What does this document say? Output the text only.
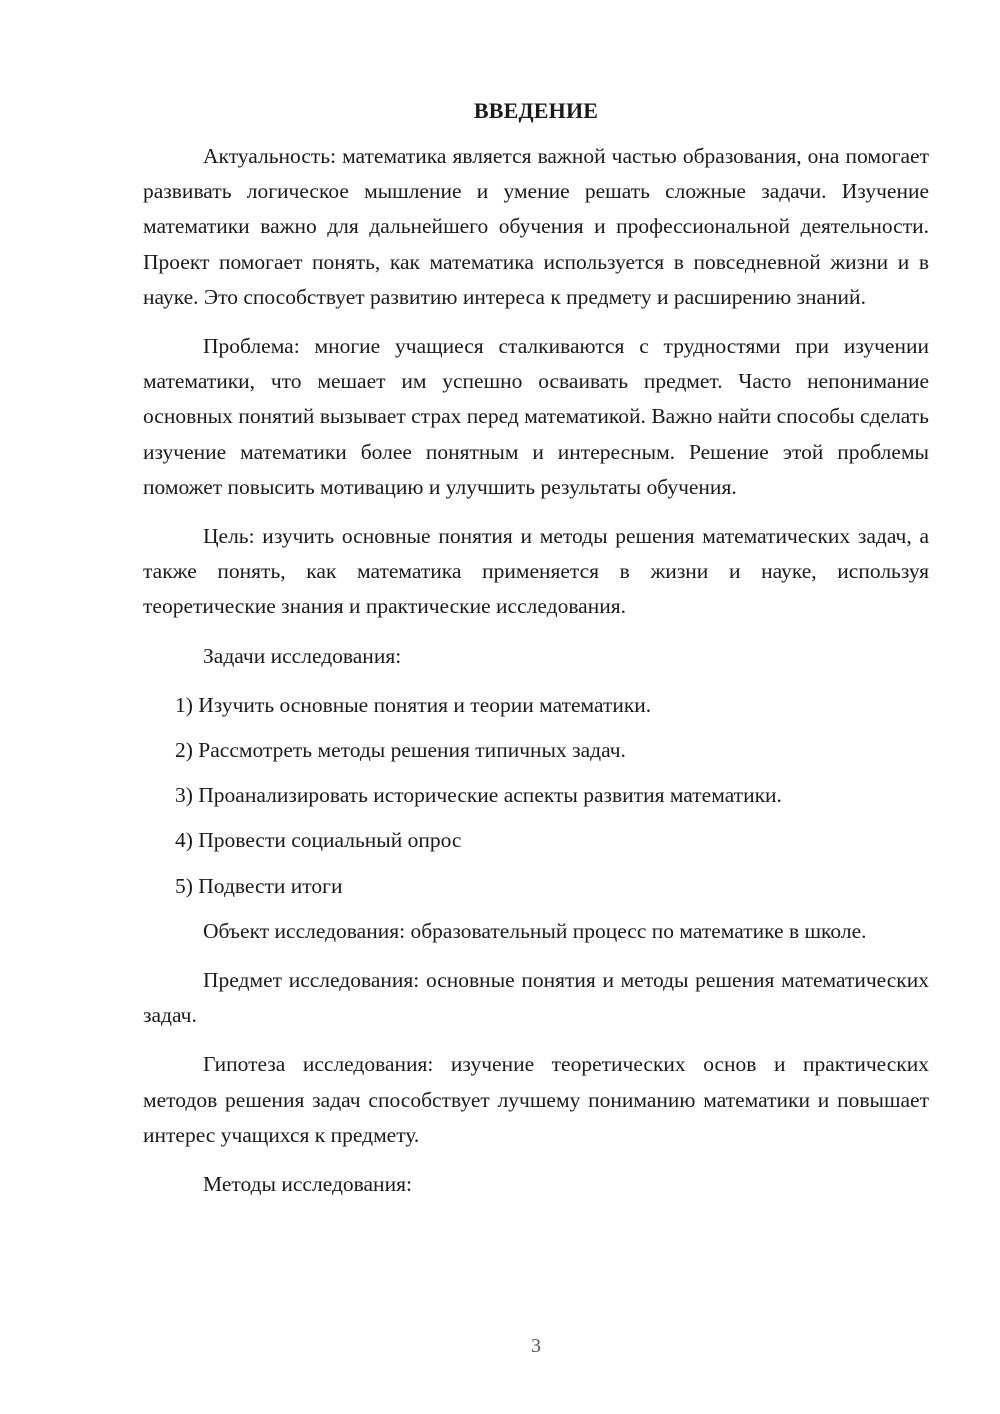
ВВЕДЕНИЕ

Актуальность: математика является важной частью образования, она помогает развивать логическое мышление и умение решать сложные задачи. Изучение математики важно для дальнейшего обучения и профессиональной деятельности. Проект помогает понять, как математика используется в повседневной жизни и в науке. Это способствует развитию интереса к предмету и расширению знаний.

Проблема: многие учащиеся сталкиваются с трудностями при изучении математики, что мешает им успешно осваивать предмет. Часто непонимание основных понятий вызывает страх перед математикой. Важно найти способы сделать изучение математики более понятным и интересным. Решение этой проблемы поможет повысить мотивацию и улучшить результаты обучения.

Цель: изучить основные понятия и методы решения математических задач, а также понять, как математика применяется в жизни и науке, используя теоретические знания и практические исследования.

Задачи исследования:

1) Изучить основные понятия и теории математики.
2) Рассмотреть методы решения типичных задач.
3) Проанализировать исторические аспекты развития математики.
4) Провести социальный опрос
5) Подвести итоги

Объект исследования: образовательный процесс по математике в школе.

Предмет исследования: основные понятия и методы решения математических задач.

Гипотеза исследования: изучение теоретических основ и практических методов решения задач способствует лучшему пониманию математики и повышает интерес учащихся к предмету.

Методы исследования:

3
